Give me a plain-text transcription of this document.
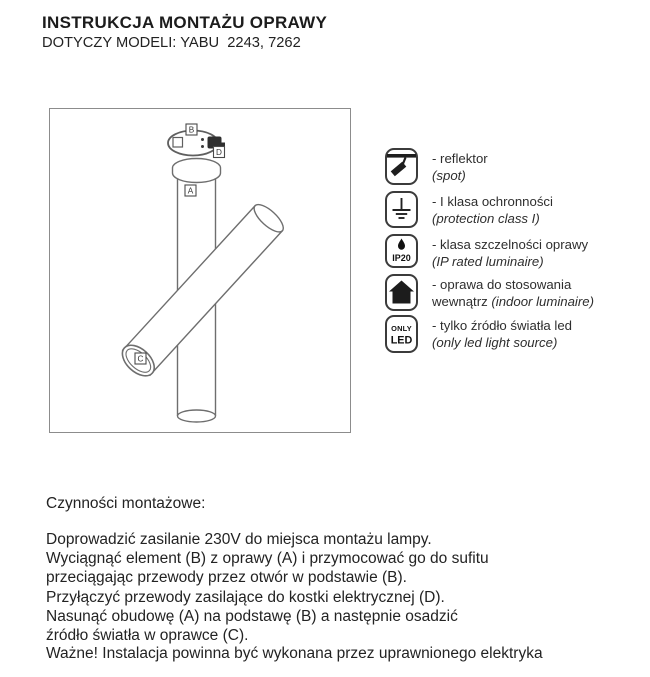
INSTRUKCJA MONTAŻU OPRAWY
DOTYCZY MODELI: YABU  2243, 7262
B
D
A
C
- reflektor
(spot)
- I klasa ochronności
(protection class I)
IP20
- klasa szczelności oprawy
(IP rated luminaire)
- oprawa do stosowania
wewnątrz (indoor luminaire)
ONLY
LED
- tylko źródło światła led
(only led light source)
Czynności montażowe:
Doprowadzić zasilanie 230V do miejsca montażu lampy.
Wyciągnąć element (B) z oprawy (A) i przymocować go do sufitu
przeciągając przewody przez otwór w podstawie (B).
Przyłączyć przewody zasilające do kostki elektrycznej (D).
Nasunąć obudowę (A) na podstawę (B) a następnie osadzić
źródło światła w oprawce (C).
Ważne! Instalacja powinna być wykonana przez uprawnionego elektryka
